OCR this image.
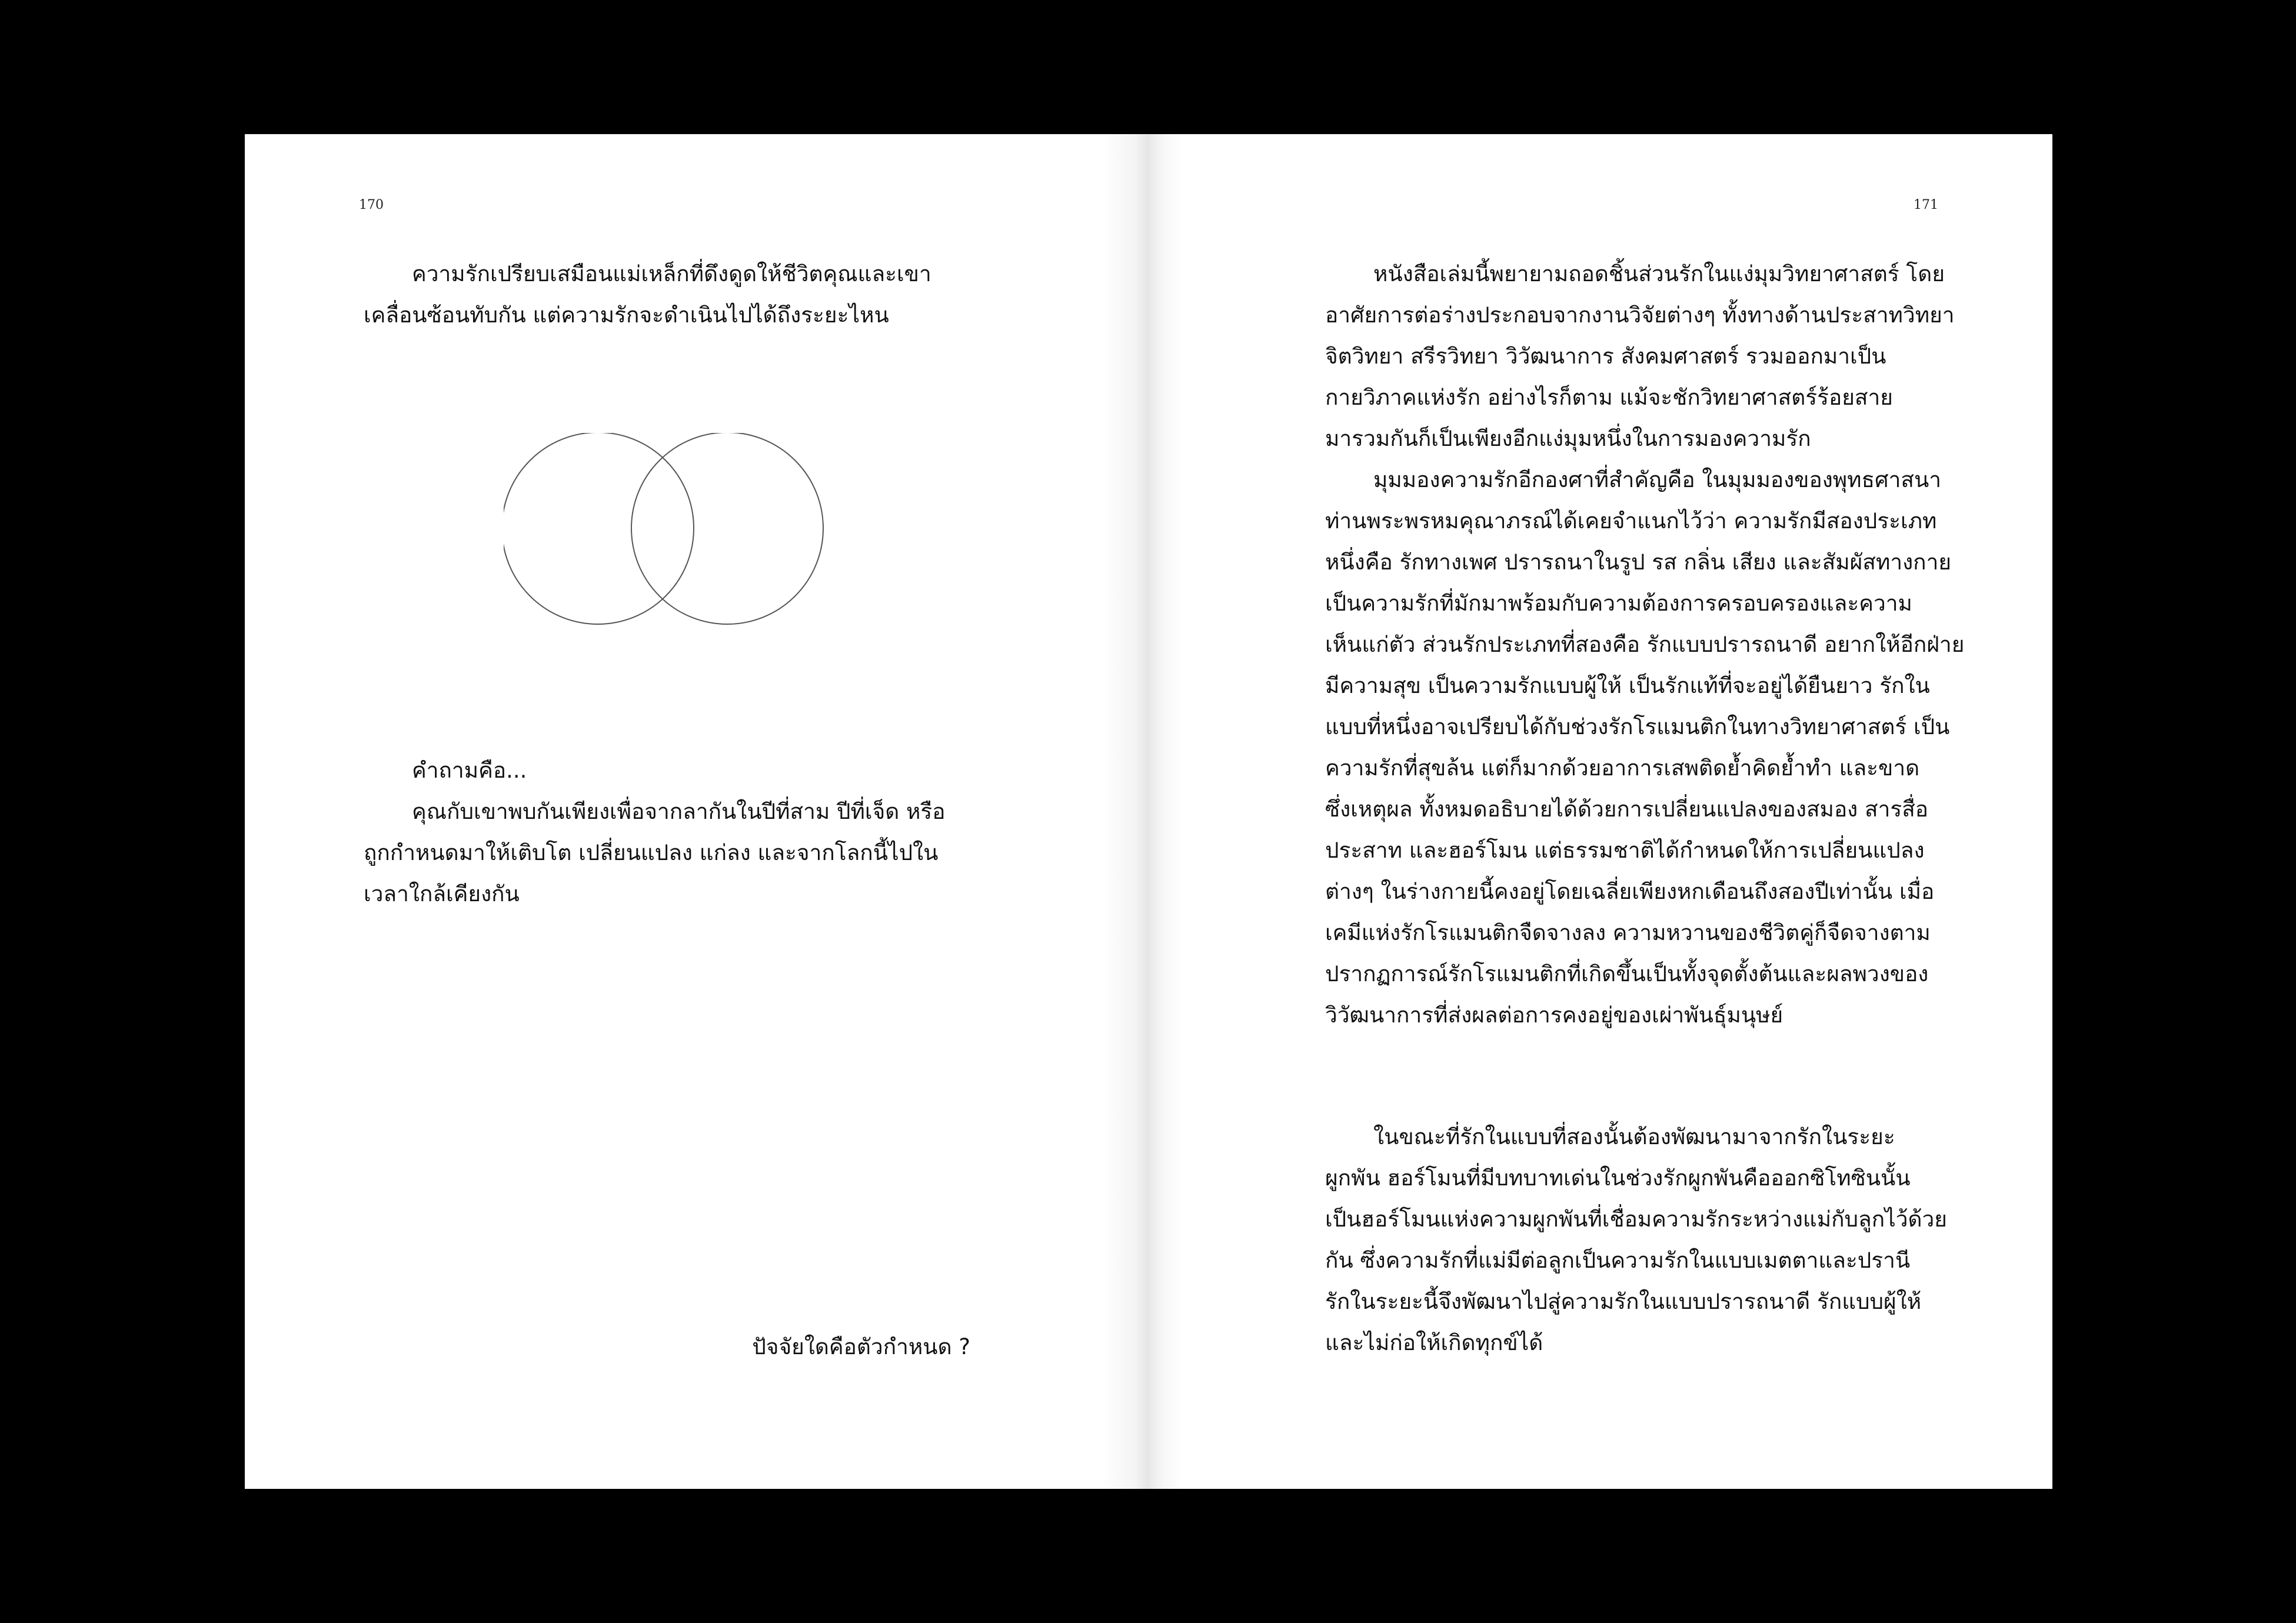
170
ความรักเปรียบเสมือนแม่เหล็กที่ดึงดูดให้ชีวิตคุณและเขา
เคลื่อนซ้อนทับกัน แต่ความรักจะดำเนินไปได้ถึงระยะไหน
คำถามคือ...
คุณกับเขาพบกันเพียงเพื่อจากลากันในปีที่สาม ปีที่เจ็ด หรือ
ถูกกำหนดมาให้เติบโต เปลี่ยนแปลง แก่ลง และจากโลกนี้ไปใน
เวลาใกล้เคียงกัน
ปัจจัยใดคือตัวกำหนด ?
171
หนังสือเล่มนี้พยายามถอดชิ้นส่วนรักในแง่มุมวิทยาศาสตร์ โดย
อาศัยการต่อร่างประกอบจากงานวิจัยต่างๆ ทั้งทางด้านประสาทวิทยา
จิตวิทยา สรีรวิทยา วิวัฒนาการ สังคมศาสตร์ รวมออกมาเป็น
กายวิภาคแห่งรัก อย่างไรก็ตาม แม้จะชักวิทยาศาสตร์ร้อยสาย
มารวมกันก็เป็นเพียงอีกแง่มุมหนึ่งในการมองความรัก
มุมมองความรักอีกองศาที่สำคัญคือ ในมุมมองของพุทธศาสนา
ท่านพระพรหมคุณาภรณ์ได้เคยจำแนกไว้ว่า ความรักมีสองประเภท
หนึ่งคือ รักทางเพศ ปรารถนาในรูป รส กลิ่น เสียง และสัมผัสทางกาย
เป็นความรักที่มักมาพร้อมกับความต้องการครอบครองและความ
เห็นแก่ตัว ส่วนรักประเภทที่สองคือ รักแบบปรารถนาดี อยากให้อีกฝ่าย
มีความสุข เป็นความรักแบบผู้ให้ เป็นรักแท้ที่จะอยู่ได้ยืนยาว รักใน
แบบที่หนึ่งอาจเปรียบได้กับช่วงรักโรแมนติกในทางวิทยาศาสตร์ เป็น
ความรักที่สุขล้น แต่ก็มากด้วยอาการเสพติดย้ำคิดย้ำทำ และขาด
ซึ่งเหตุผล ทั้งหมดอธิบายได้ด้วยการเปลี่ยนแปลงของสมอง สารสื่อ
ประสาท และฮอร์โมน แต่ธรรมชาติได้กำหนดให้การเปลี่ยนแปลง
ต่างๆ ในร่างกายนี้คงอยู่โดยเฉลี่ยเพียงหกเดือนถึงสองปีเท่านั้น เมื่อ
เคมีแห่งรักโรแมนติกจืดจางลง ความหวานของชีวิตคู่ก็จืดจางตาม
ปรากฏการณ์รักโรแมนติกที่เกิดขึ้นเป็นทั้งจุดตั้งต้นและผลพวงของ
วิวัฒนาการที่ส่งผลต่อการคงอยู่ของเผ่าพันธุ์มนุษย์
ในขณะที่รักในแบบที่สองนั้นต้องพัฒนามาจากรักในระยะ
ผูกพัน ฮอร์โมนที่มีบทบาทเด่นในช่วงรักผูกพันคือออกซิโทซินนั้น
เป็นฮอร์โมนแห่งความผูกพันที่เชื่อมความรักระหว่างแม่กับลูกไว้ด้วย
กัน ซึ่งความรักที่แม่มีต่อลูกเป็นความรักในแบบเมตตาและปรานี
รักในระยะนี้จึงพัฒนาไปสู่ความรักในแบบปรารถนาดี รักแบบผู้ให้
และไม่ก่อให้เกิดทุกข์ได้
